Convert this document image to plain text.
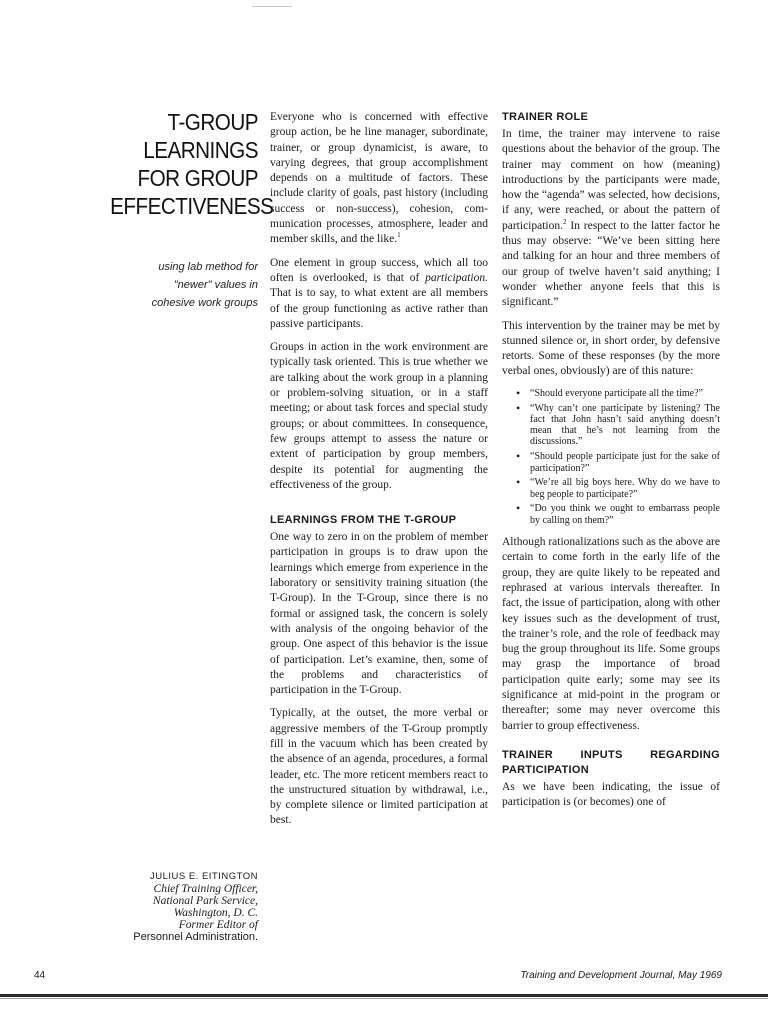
T-GROUP
LEARNINGS
FOR GROUP
EFFECTIVENESS
using lab method for
"newer" values in
cohesive work groups
JULIUS E. EITINGTON
Chief Training Officer,
National Park Service,
Washington, D. C.
Former Editor of
Personnel Administration.

Everyone who is concerned with effective group action, be he line manager, subordinate, trainer, or group dynamicist, is aware, to varying degrees, that group accomplishment depends on a multitude of factors. These include clarity of goals, past history (including success or non-success), cohesion, communication processes, atmosphere, leader and member skills, and the like.$^1$

One element in group success, which all too often is overlooked, is that of participation. That is to say, to what extent are all members of the group functioning as active rather than passive participants.

Groups in action in the work environment are typically task oriented. This is true whether we are talking about the work group in a planning or problem-solving situation, or in a staff meeting; or about task forces and special study groups; or about committees. In consequence, few groups attempt to assess the nature or extent of participation by group members, despite its potential for augmenting the effectiveness of the group.

LEARNINGS FROM THE T-GROUP

One way to zero in on the problem of member participation in groups is to draw upon the learnings which emerge from experience in the laboratory or sensitivity training situation (the T-Group). In the T-Group, since there is no formal or assigned task, the concern is solely with analysis of the ongoing behavior of the group. One aspect of this behavior is the issue of participation. Let’s examine, then, some of the problems and characteristics of participation in the T-Group.

Typically, at the outset, the more verbal or aggressive members of the T-Group promptly fill in the vacuum which has been created by the absence of an agenda, procedures, a formal leader, etc. The more reticent members react to the unstructured situation by withdrawal, i.e., by complete silence or limited participation at best.

TRAINER ROLE

In time, the trainer may intervene to raise questions about the behavior of the group. The trainer may comment on how (meaning) introductions by the participants were made, how the “agenda” was selected, how decisions, if any, were reached, or about the pattern of participation.$^2$ In respect to the latter factor he thus may observe: “We’ve been sitting here and talking for an hour and three members of our group of twelve haven’t said anything; I wonder whether anyone feels that this is significant.”

This intervention by the trainer may be met by stunned silence or, in short order, by defensive retorts. Some of these responses (by the more verbal ones, obviously) are of this nature:

• “Should everyone participate all the time?”
• “Why can’t one participate by listening? The fact that John hasn’t said anything doesn’t mean that he’s not learning from the discussions.”
• “Should people participate just for the sake of participation?”
• “We’re all big boys here. Why do we have to beg people to participate?”
• “Do you think we ought to embarrass people by calling on them?”

Although rationalizations such as the above are certain to come forth in the early life of the group, they are quite likely to be repeated and rephrased at various intervals thereafter. In fact, the issue of participation, along with other key issues such as the development of trust, the trainer’s role, and the role of feedback may bug the group throughout its life. Some groups may grasp the importance of broad participation quite early; some may see its significance at mid-point in the program or thereafter; some may never overcome this barrier to group effectiveness.

TRAINER INPUTS REGARDING PARTICIPATION

As we have been indicating, the issue of participation is (or becomes) one of

44	Training and Development Journal, May 1969
